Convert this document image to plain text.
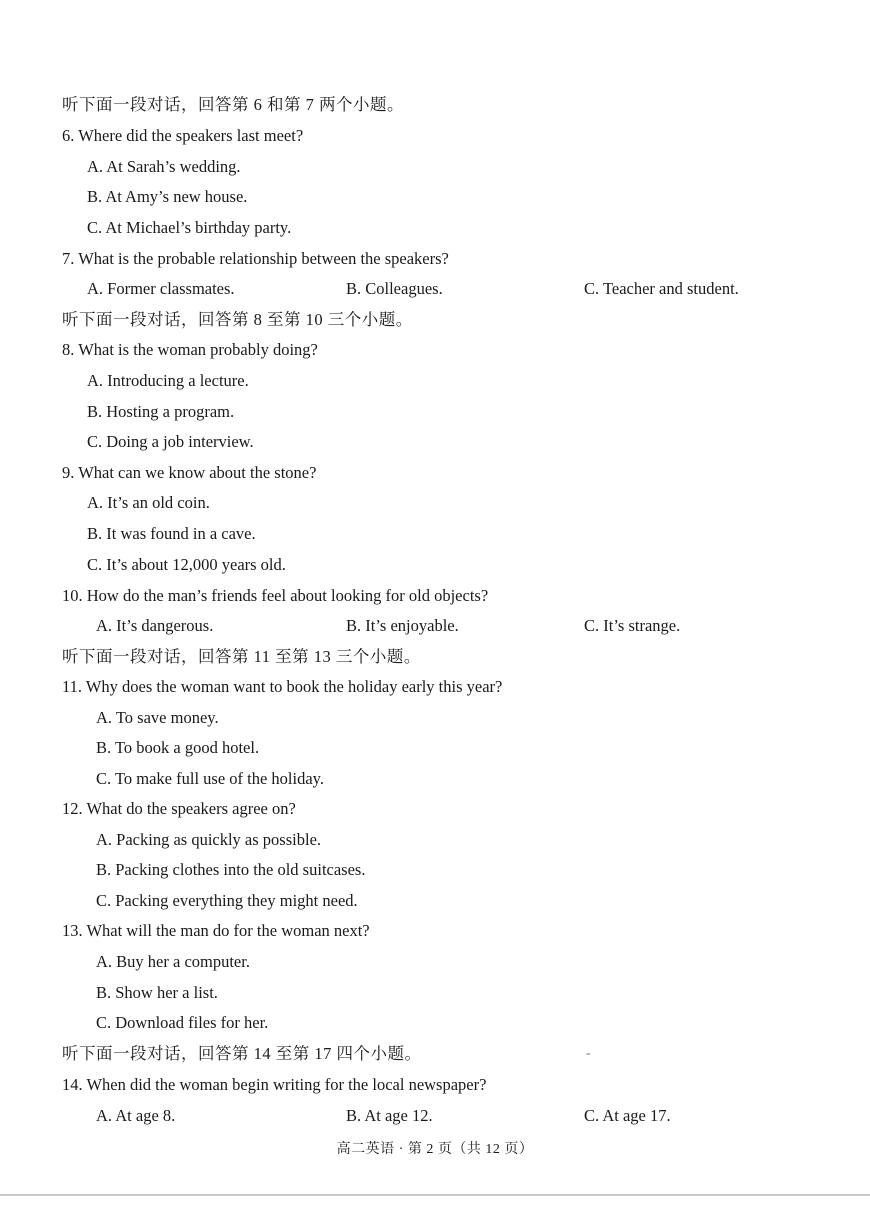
听下面一段对话，回答第 6 和第 7 两个小题。
6. Where did the speakers last meet?
A. At Sarah’s wedding.
B. At Amy’s new house.
C. At Michael’s birthday party.
7. What is the probable relationship between the speakers?
A. Former classmates.	B. Colleagues.	C. Teacher and student.
听下面一段对话，回答第 8 至第 10 三个小题。
8. What is the woman probably doing?
A. Introducing a lecture.
B. Hosting a program.
C. Doing a job interview.
9. What can we know about the stone?
A. It’s an old coin.
B. It was found in a cave.
C. It’s about 12,000 years old.
10. How do the man’s friends feel about looking for old objects?
A. It’s dangerous.	B. It’s enjoyable.	C. It’s strange.
听下面一段对话，回答第 11 至第 13 三个小题。
11. Why does the woman want to book the holiday early this year?
A. To save money.
B. To book a good hotel.
C. To make full use of the holiday.
12. What do the speakers agree on?
A. Packing as quickly as possible.
B. Packing clothes into the old suitcases.
C. Packing everything they might need.
13. What will the man do for the woman next?
A. Buy her a computer.
B. Show her a list.
C. Download files for her.
听下面一段对话，回答第 14 至第 17 四个小题。	-
14. When did the woman begin writing for the local newspaper?
A. At age 8.	B. At age 12.	C. At age 17.
高二英语 · 第 2 页（共 12 页）
